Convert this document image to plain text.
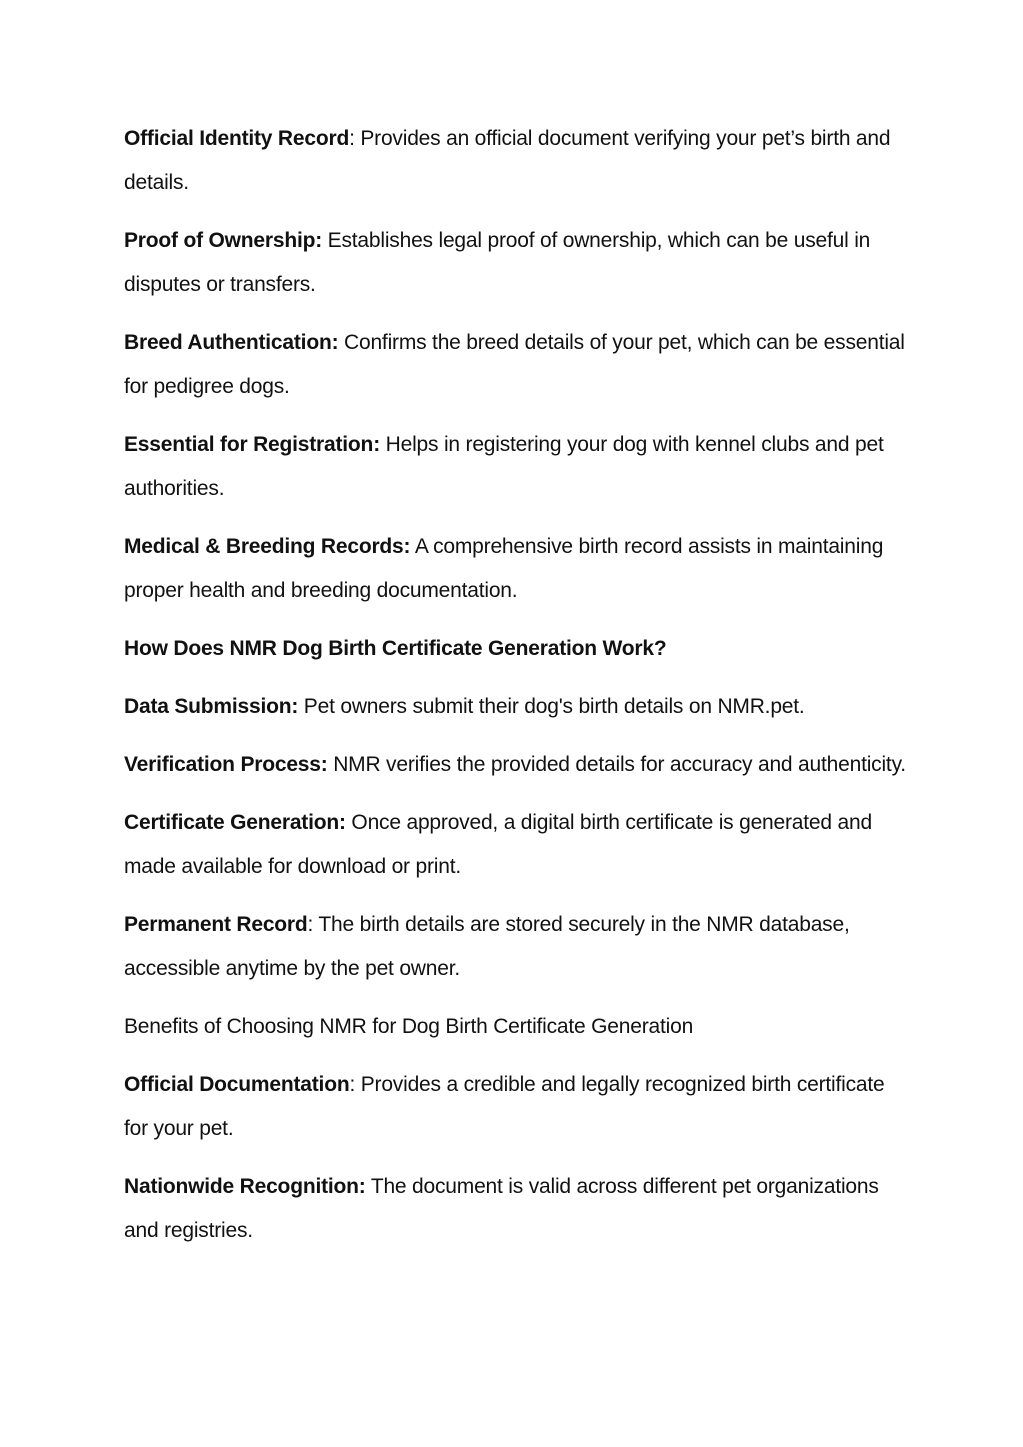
Official Identity Record: Provides an official document verifying your pet’s birth and details.

Proof of Ownership: Establishes legal proof of ownership, which can be useful in disputes or transfers.

Breed Authentication: Confirms the breed details of your pet, which can be essential for pedigree dogs.

Essential for Registration: Helps in registering your dog with kennel clubs and pet authorities.

Medical & Breeding Records: A comprehensive birth record assists in maintaining proper health and breeding documentation.

How Does NMR Dog Birth Certificate Generation Work?

Data Submission: Pet owners submit their dog's birth details on NMR.pet.

Verification Process: NMR verifies the provided details for accuracy and authenticity.

Certificate Generation: Once approved, a digital birth certificate is generated and made available for download or print.

Permanent Record: The birth details are stored securely in the NMR database, accessible anytime by the pet owner.

Benefits of Choosing NMR for Dog Birth Certificate Generation

Official Documentation: Provides a credible and legally recognized birth certificate for your pet.

Nationwide Recognition: The document is valid across different pet organizations and registries.
